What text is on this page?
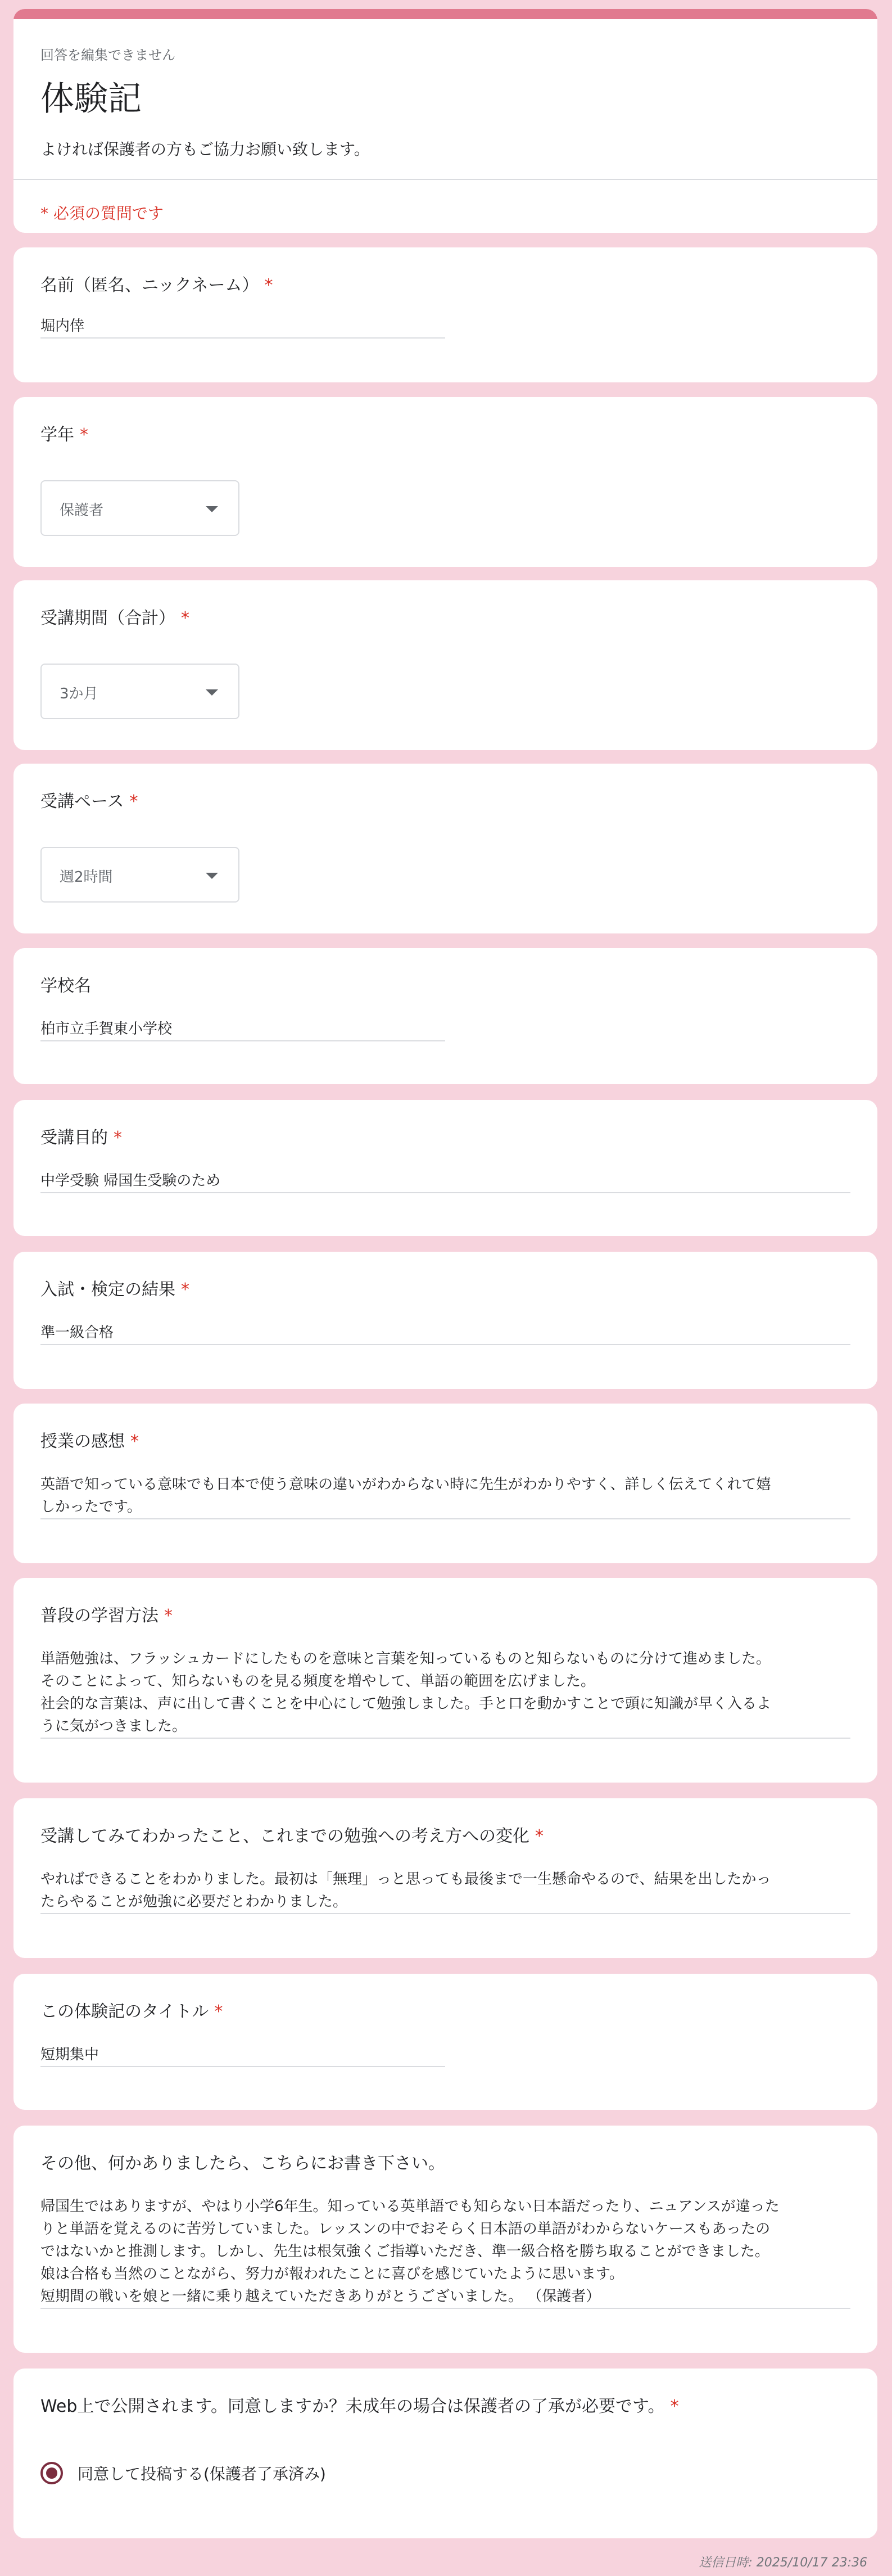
回答を編集できません
体験記
よければ保護者の方もご協力お願い致します。
* 必須の質問です
名前（匿名、ニックネーム） *
堀内倖
学年 *
保護者
受講期間（合計） *
3か月
受講ペース *
週2時間
学校名
柏市立手賀東小学校
受講目的 *
中学受験 帰国生受験のため
入試・検定の結果 *
準一級合格
授業の感想 *
英語で知っている意味でも日本で使う意味の違いがわからない時に先生がわかりやすく、詳しく伝えてくれて嬉
しかったです。
普段の学習方法 *
単語勉強は、フラッシュカードにしたものを意味と言葉を知っているものと知らないものに分けて進めました。
そのことによって、知らないものを見る頻度を増やして、単語の範囲を広げました。
社会的な言葉は、声に出して書くことを中心にして勉強しました。手と口を動かすことで頭に知識が早く入るよ
うに気がつきました。
受講してみてわかったこと、これまでの勉強への考え方への変化 *
やればできることをわかりました。最初は「無理」っと思っても最後まで一生懸命やるので、結果を出したかっ
たらやることが勉強に必要だとわかりました。
この体験記のタイトル *
短期集中
その他、何かありましたら、こちらにお書き下さい。
帰国生ではありますが、やはり小学6年生。知っている英単語でも知らない日本語だったり、ニュアンスが違った
りと単語を覚えるのに苦労していました。レッスンの中でおそらく日本語の単語がわからないケースもあったの
ではないかと推測します。しかし、先生は根気強くご指導いただき、準一級合格を勝ち取ることができました。
娘は合格も当然のことながら、努力が報われたことに喜びを感じていたように思います。
短期間の戦いを娘と一緒に乗り越えていただきありがとうございました。 （保護者）
Web上で公開されます。同意しますか？未成年の場合は保護者の了承が必要です。 *
同意して投稿する(保護者了承済み)
送信日時: 2025/10/17 23:36
